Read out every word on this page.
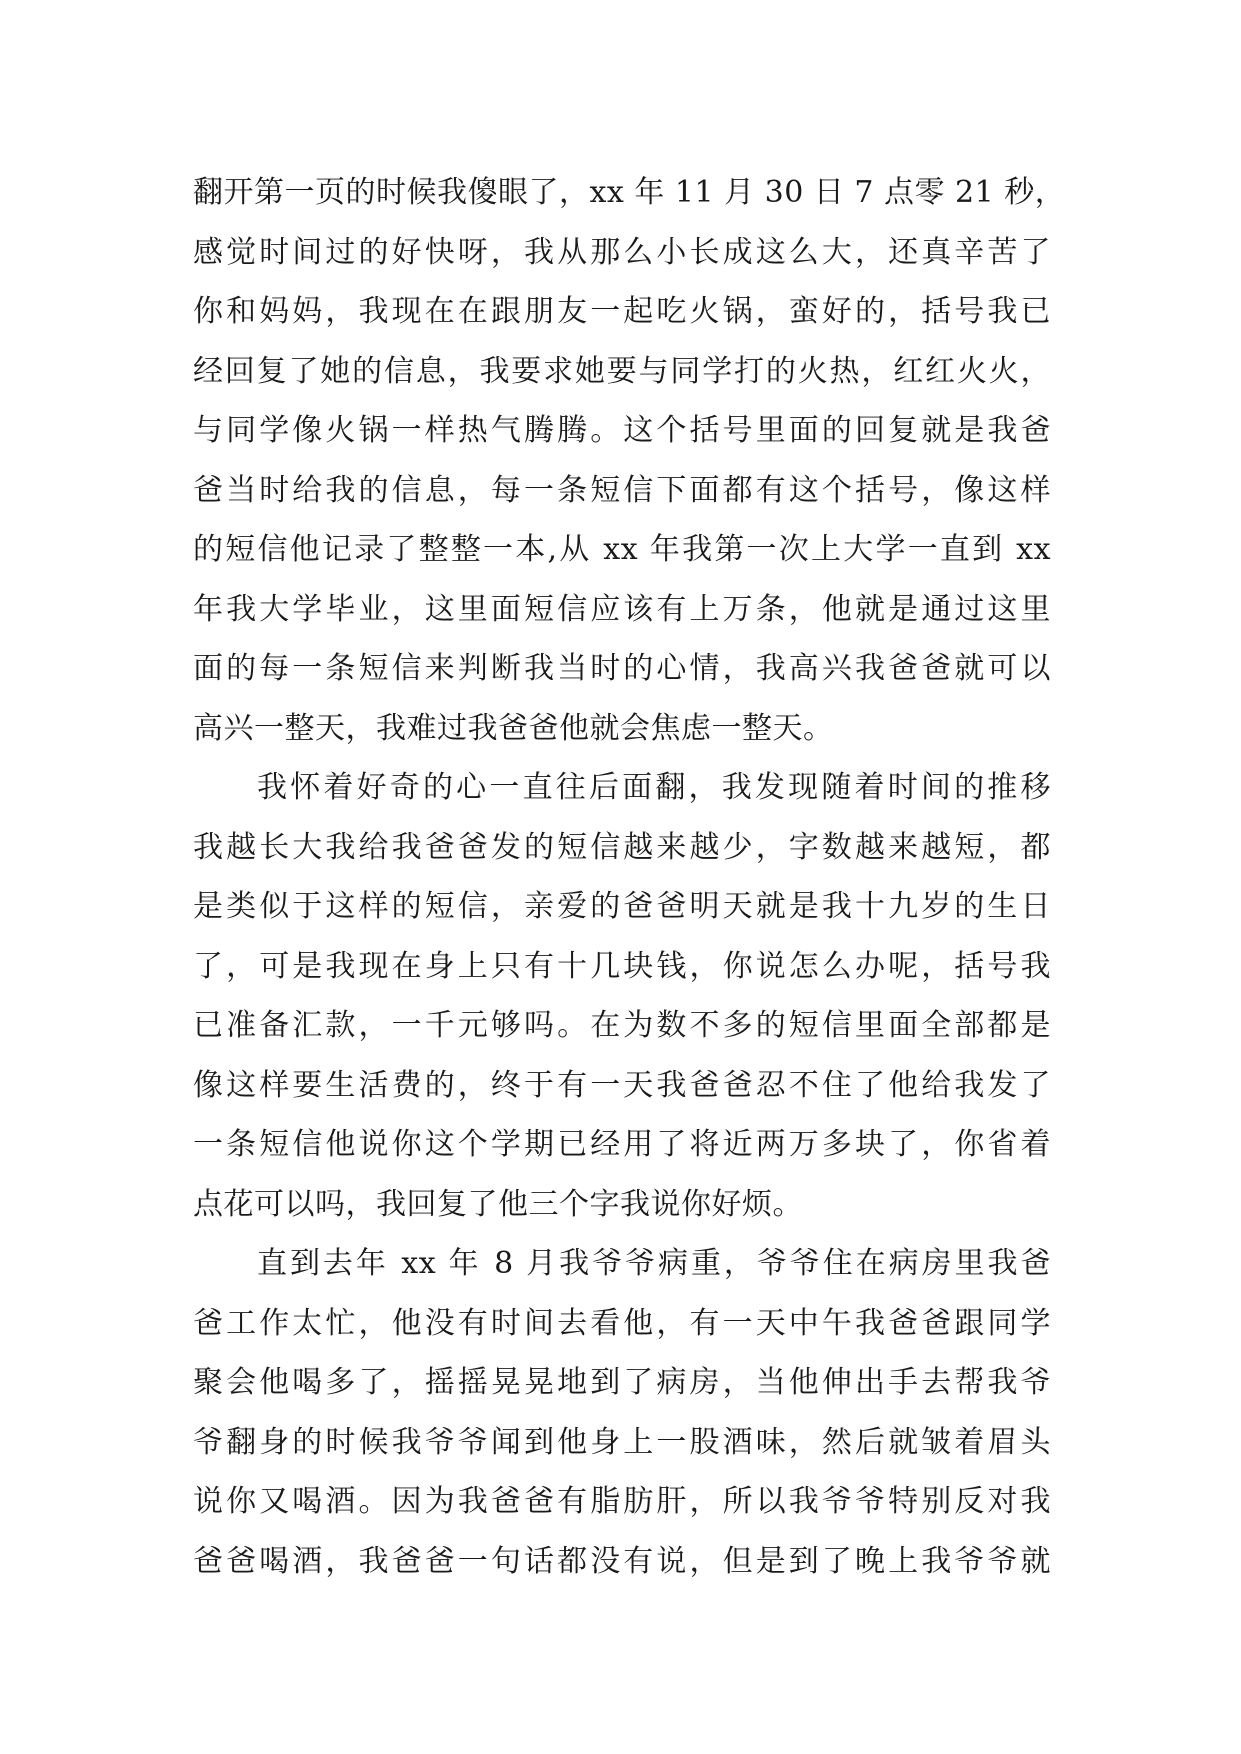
翻开第一页的时候我傻眼了，xx 年 11 月 30 日 7 点零 21 秒，
感觉时间过的好快呀，我从那么小长成这么大，还真辛苦了
你和妈妈，我现在在跟朋友一起吃火锅，蛮好的，括号我已
经回复了她的信息，我要求她要与同学打的火热，红红火火，
与同学像火锅一样热气腾腾。这个括号里面的回复就是我爸
爸当时给我的信息，每一条短信下面都有这个括号，像这样
的短信他记录了整整一本,从 xx 年我第一次上大学一直到 xx
年我大学毕业，这里面短信应该有上万条，他就是通过这里
面的每一条短信来判断我当时的心情，我高兴我爸爸就可以
高兴一整天，我难过我爸爸他就会焦虑一整天。
我怀着好奇的心一直往后面翻，我发现随着时间的推移
我越长大我给我爸爸发的短信越来越少，字数越来越短，都
是类似于这样的短信，亲爱的爸爸明天就是我十九岁的生日
了，可是我现在身上只有十几块钱，你说怎么办呢，括号我
已准备汇款，一千元够吗。在为数不多的短信里面全部都是
像这样要生活费的，终于有一天我爸爸忍不住了他给我发了
一条短信他说你这个学期已经用了将近两万多块了，你省着
点花可以吗，我回复了他三个字我说你好烦。
直到去年 xx 年 8 月我爷爷病重，爷爷住在病房里我爸
爸工作太忙，他没有时间去看他，有一天中午我爸爸跟同学
聚会他喝多了，摇摇晃晃地到了病房，当他伸出手去帮我爷
爷翻身的时候我爷爷闻到他身上一股酒味，然后就皱着眉头
说你又喝酒。因为我爸爸有脂肪肝，所以我爷爷特别反对我
爸爸喝酒，我爸爸一句话都没有说，但是到了晚上我爷爷就
